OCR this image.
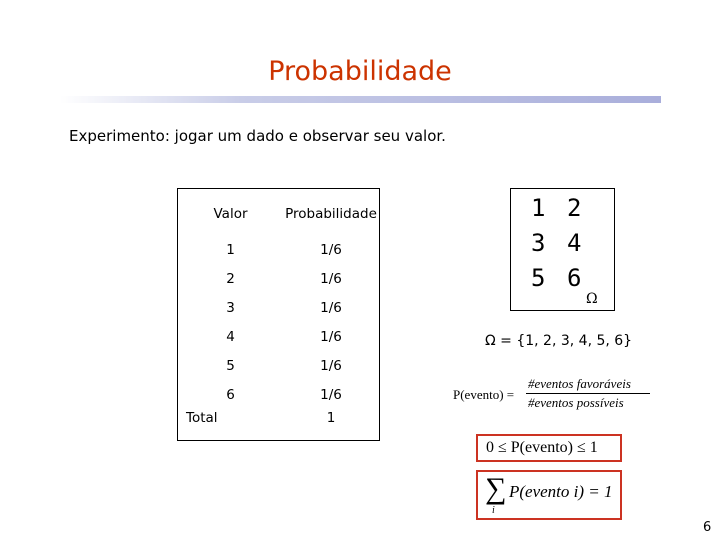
Probabilidade
Experimento: jogar um dado e observar seu valor.
Valor	Probabilidade
1	1/6
2	1/6
3	1/6
4	1/6
5	1/6
6	1/6
Total	1
1 2
3 4
5 6
Ω
Ω = {1, 2, 3, 4, 5, 6}
P(evento) =
#eventos favoráveis
#eventos possíveis
0 ≤ P(evento) ≤ 1
∑
i
P(evento i) = 1
6
